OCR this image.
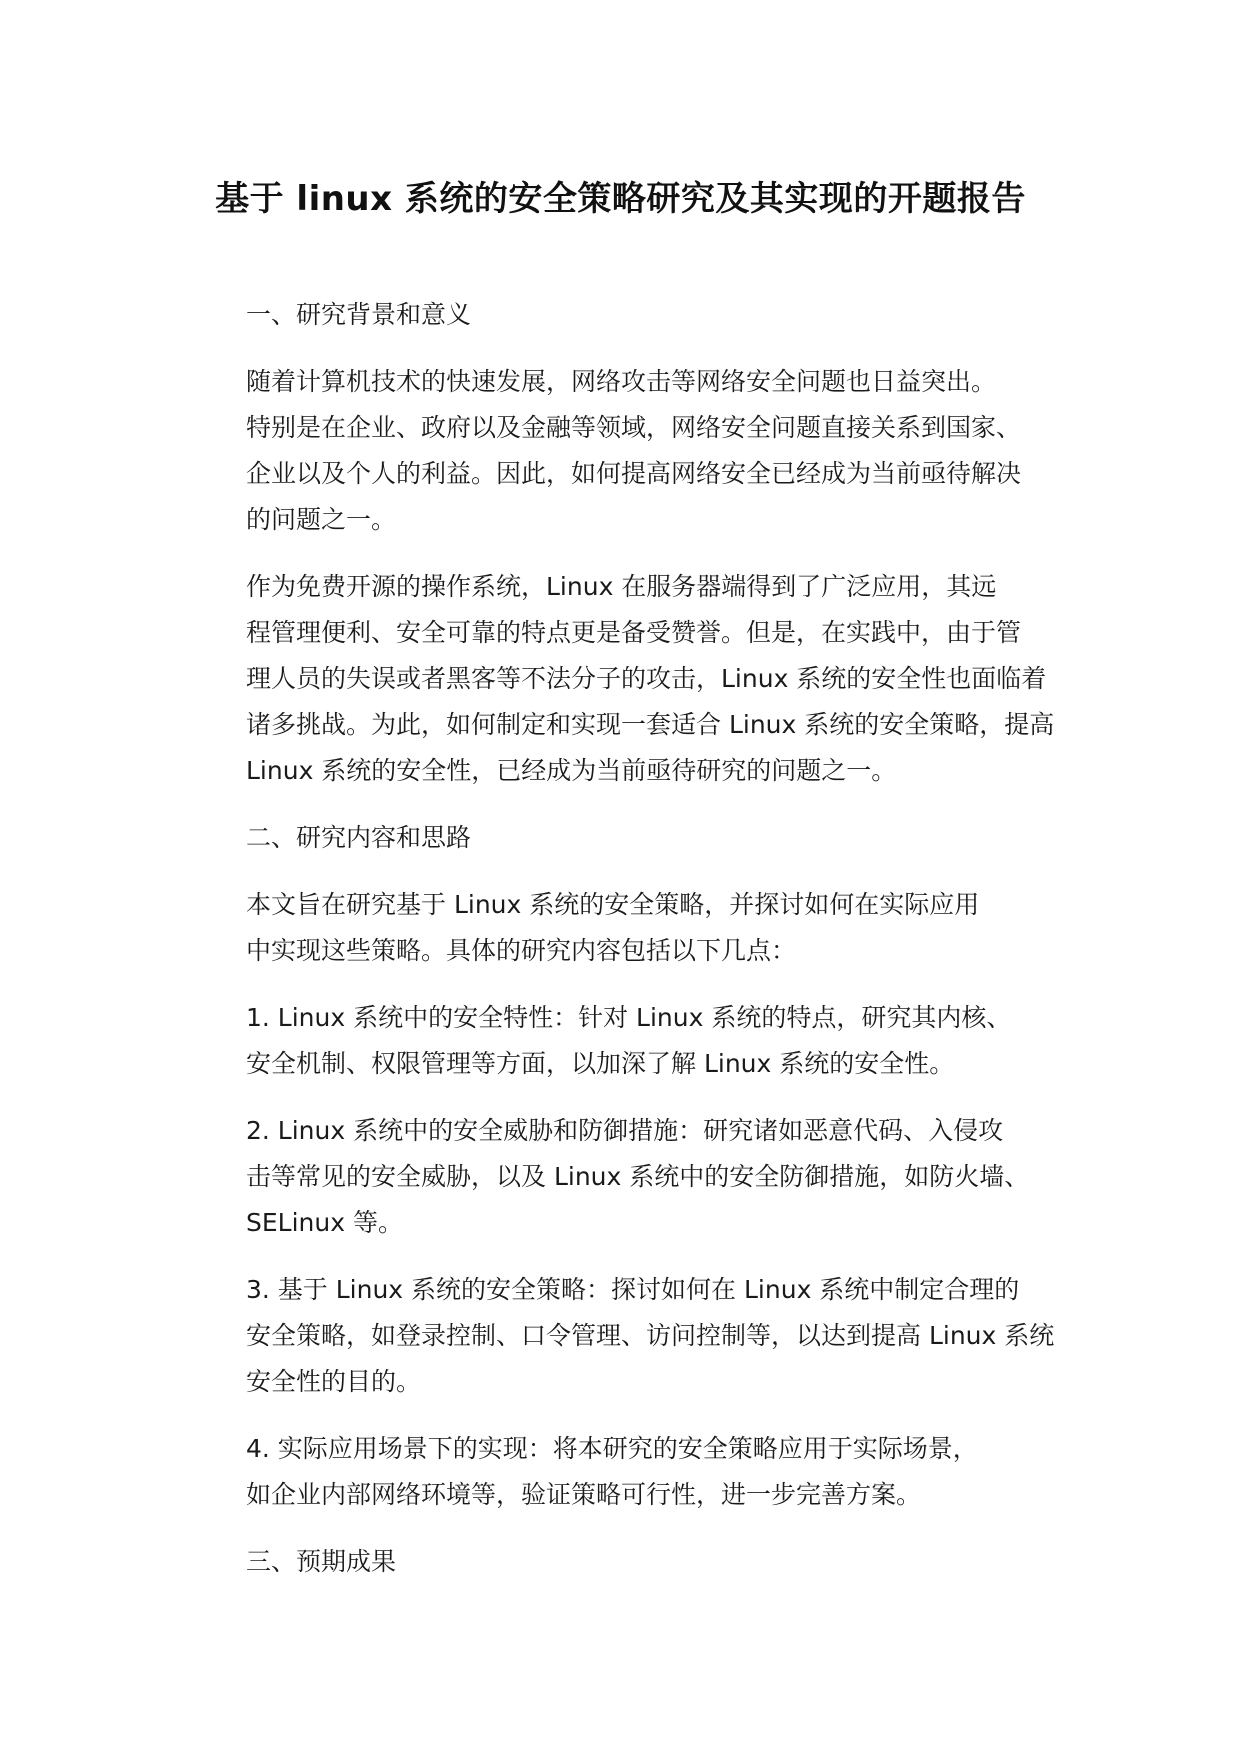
基于 linux 系统的安全策略研究及其实现的开题报告
一、研究背景和意义
随着计算机技术的快速发展，网络攻击等网络安全问题也日益突出。
特别是在企业、政府以及金融等领域，网络安全问题直接关系到国家、
企业以及个人的利益。因此，如何提高网络安全已经成为当前亟待解决
的问题之一。
作为免费开源的操作系统，Linux 在服务器端得到了广泛应用，其远
程管理便利、安全可靠的特点更是备受赞誉。但是，在实践中，由于管
理人员的失误或者黑客等不法分子的攻击，Linux 系统的安全性也面临着
诸多挑战。为此，如何制定和实现一套适合 Linux 系统的安全策略，提高
Linux 系统的安全性，已经成为当前亟待研究的问题之一。
二、研究内容和思路
本文旨在研究基于 Linux 系统的安全策略，并探讨如何在实际应用
中实现这些策略。具体的研究内容包括以下几点：
1. Linux 系统中的安全特性：针对 Linux 系统的特点，研究其内核、
安全机制、权限管理等方面，以加深了解 Linux 系统的安全性。
2. Linux 系统中的安全威胁和防御措施：研究诸如恶意代码、入侵攻
击等常见的安全威胁，以及 Linux 系统中的安全防御措施，如防火墙、
SELinux 等。
3. 基于 Linux 系统的安全策略：探讨如何在 Linux 系统中制定合理的
安全策略，如登录控制、口令管理、访问控制等，以达到提高 Linux 系统
安全性的目的。
4. 实际应用场景下的实现：将本研究的安全策略应用于实际场景，
如企业内部网络环境等，验证策略可行性，进一步完善方案。
三、预期成果
